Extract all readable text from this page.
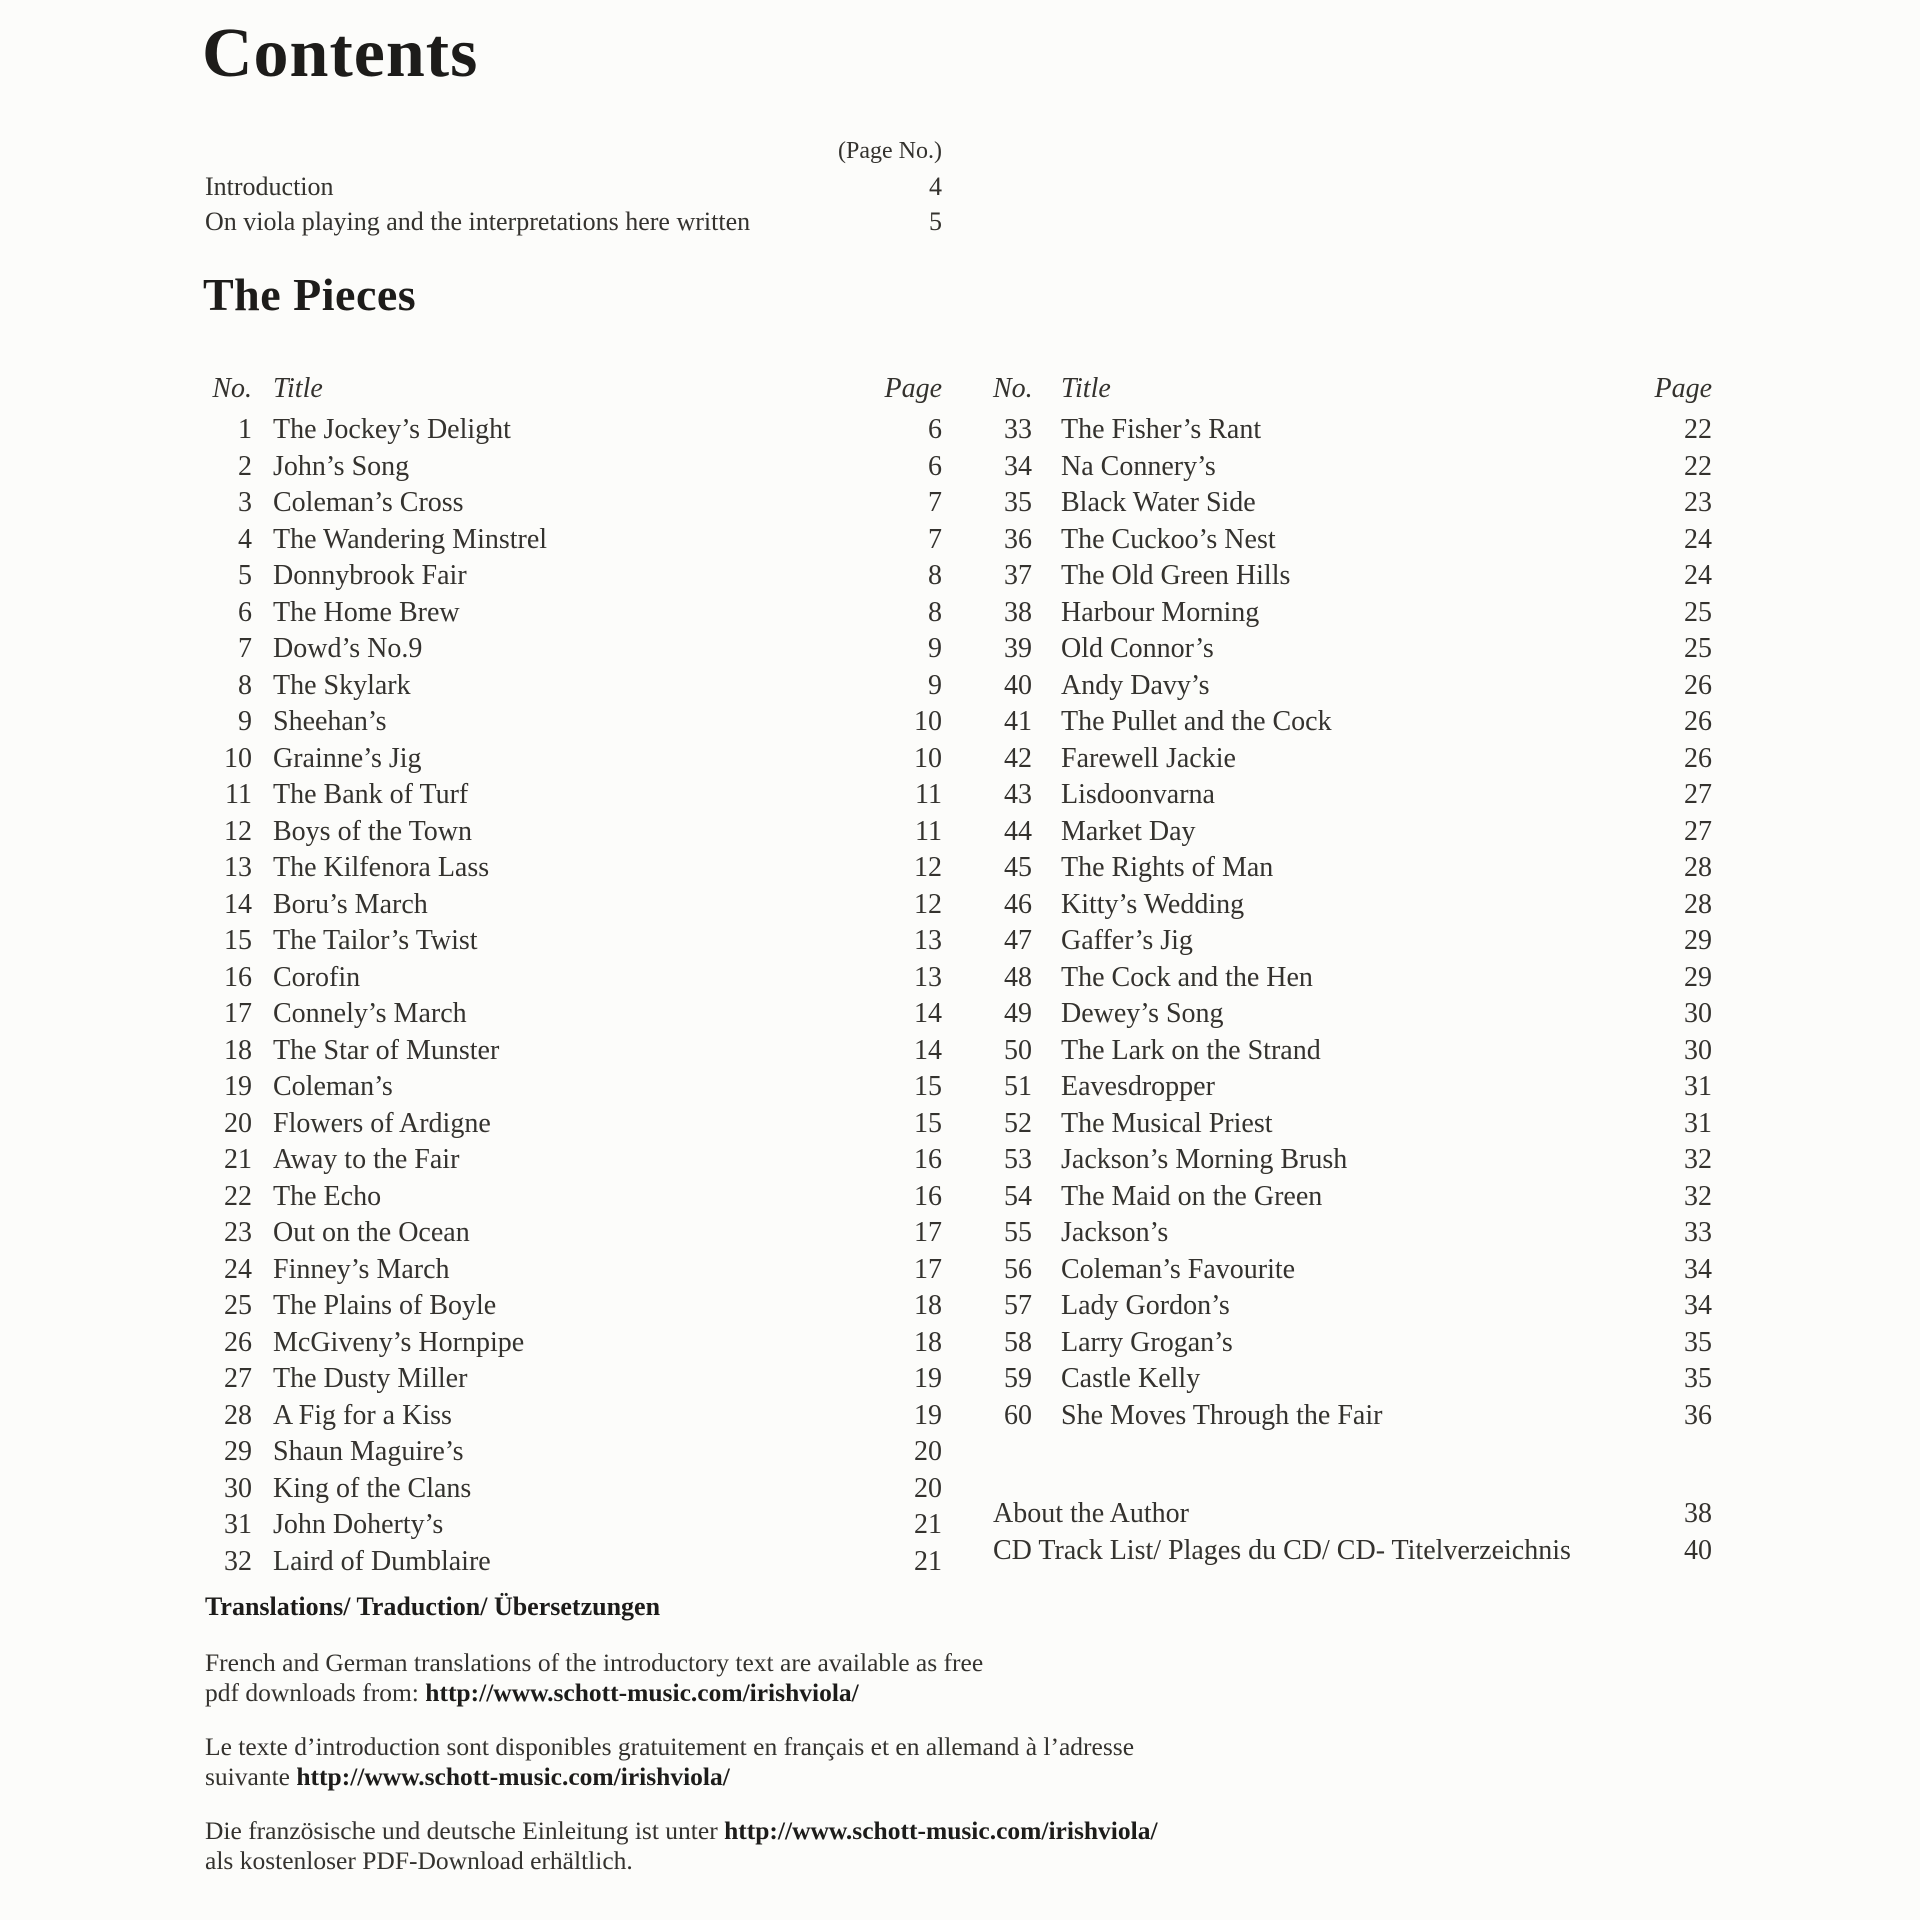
Contents
(Page No.)
Introduction	4
On viola playing and the interpretations here written	5
The Pieces
No. Title	Page
1 The Jockey’s Delight	6
2 John’s Song	6
3 Coleman’s Cross	7
4 The Wandering Minstrel	7
5 Donnybrook Fair	8
6 The Home Brew	8
7 Dowd’s No.9	9
8 The Skylark	9
9 Sheehan’s	10
10 Grainne’s Jig	10
11 The Bank of Turf	11
12 Boys of the Town	11
13 The Kilfenora Lass	12
14 Boru’s March	12
15 The Tailor’s Twist	13
16 Corofin	13
17 Connely’s March	14
18 The Star of Munster	14
19 Coleman’s	15
20 Flowers of Ardigne	15
21 Away to the Fair	16
22 The Echo	16
23 Out on the Ocean	17
24 Finney’s March	17
25 The Plains of Boyle	18
26 McGiveny’s Hornpipe	18
27 The Dusty Miller	19
28 A Fig for a Kiss	19
29 Shaun Maguire’s	20
30 King of the Clans	20
31 John Doherty’s	21
32 Laird of Dumblaire	21
No.	Title	Page
33	The Fisher’s Rant	22
34	Na Connery’s	22
35	Black Water Side	23
36	The Cuckoo’s Nest	24
37	The Old Green Hills	24
38	Harbour Morning	25
39	Old Connor’s	25
40	Andy Davy’s	26
41	The Pullet and the Cock	26
42	Farewell Jackie	26
43	Lisdoonvarna	27
44	Market Day	27
45	The Rights of Man	28
46	Kitty’s Wedding	28
47	Gaffer’s Jig	29
48	The Cock and the Hen	29
49	Dewey’s Song	30
50	The Lark on the Strand	30
51	Eavesdropper	31
52	The Musical Priest	31
53	Jackson’s Morning Brush	32
54	The Maid on the Green	32
55	Jackson’s	33
56	Coleman’s Favourite	34
57	Lady Gordon’s	34
58	Larry Grogan’s	35
59	Castle Kelly	35
60	She Moves Through the Fair	36
About the Author	38
CD Track List/ Plages du CD/ CD- Titelverzeichnis	40

Translations/ Traduction/ Übersetzungen

French and German translations of the introductory text are available as free
pdf downloads from: http://www.schott-music.com/irishviola/

Le texte d’introduction sont disponibles gratuitement en français et en allemand à l’adresse
suivante http://www.schott-music.com/irishviola/

Die französische und deutsche Einleitung ist unter http://www.schott-music.com/irishviola/
als kostenloser PDF-Download erhältlich.
